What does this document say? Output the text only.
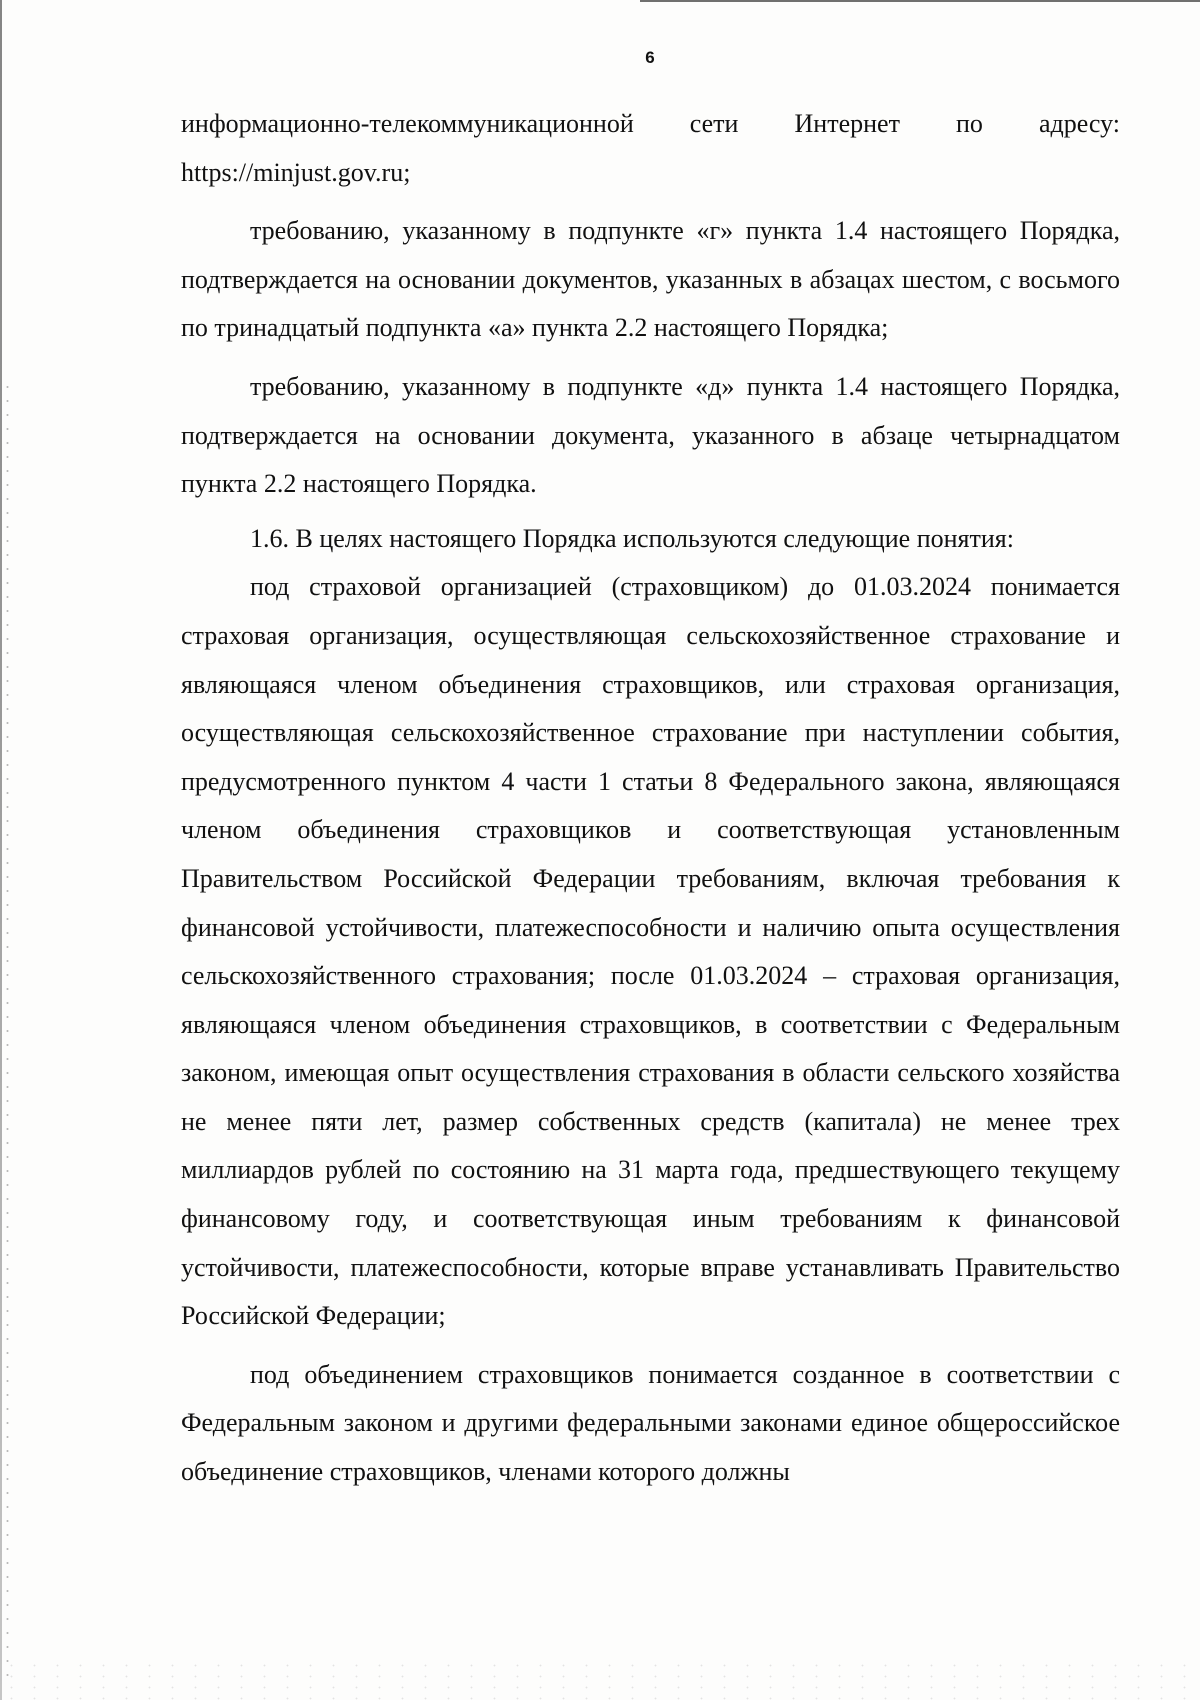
6

информационно-телекоммуникационной сети Интернет по адресу: https://minjust.gov.ru;

требованию, указанному в подпункте «г» пункта 1.4 настоящего Порядка, подтверждается на основании документов, указанных в абзацах шестом, с восьмого по тринадцатый подпункта «а» пункта 2.2 настоящего Порядка;

требованию, указанному в подпункте «д» пункта 1.4 настоящего Порядка, подтверждается на основании документа, указанного в абзаце четырнадцатом пункта 2.2 настоящего Порядка.

1.6. В целях настоящего Порядка используются следующие понятия:

под страховой организацией (страховщиком) до 01.03.2024 понимается страховая организация, осуществляющая сельскохозяйственное страхование и являющаяся членом объединения страховщиков, или страховая организация, осуществляющая сельскохозяйственное страхование при наступлении события, предусмотренного пунктом 4 части 1 статьи 8 Федерального закона, являющаяся членом объединения страховщиков и соответствующая установленным Правительством Российской Федерации требованиям, включая требования к финансовой устойчивости, платежеспособности и наличию опыта осуществления сельскохозяйственного страхования; после 01.03.2024 – страховая организация, являющаяся членом объединения страховщиков, в соответствии с Федеральным законом, имеющая опыт осуществления страхования в области сельского хозяйства не менее пяти лет, размер собственных средств (капитала) не менее трех миллиардов рублей по состоянию на 31 марта года, предшествующего текущему финансовому году, и соответствующая иным требованиям к финансовой устойчивости, платежеспособности, которые вправе устанавливать Правительство Российской Федерации;

под объединением страховщиков понимается созданное в соответствии с Федеральным законом и другими федеральными законами единое общероссийское объединение страховщиков, членами которого должны
